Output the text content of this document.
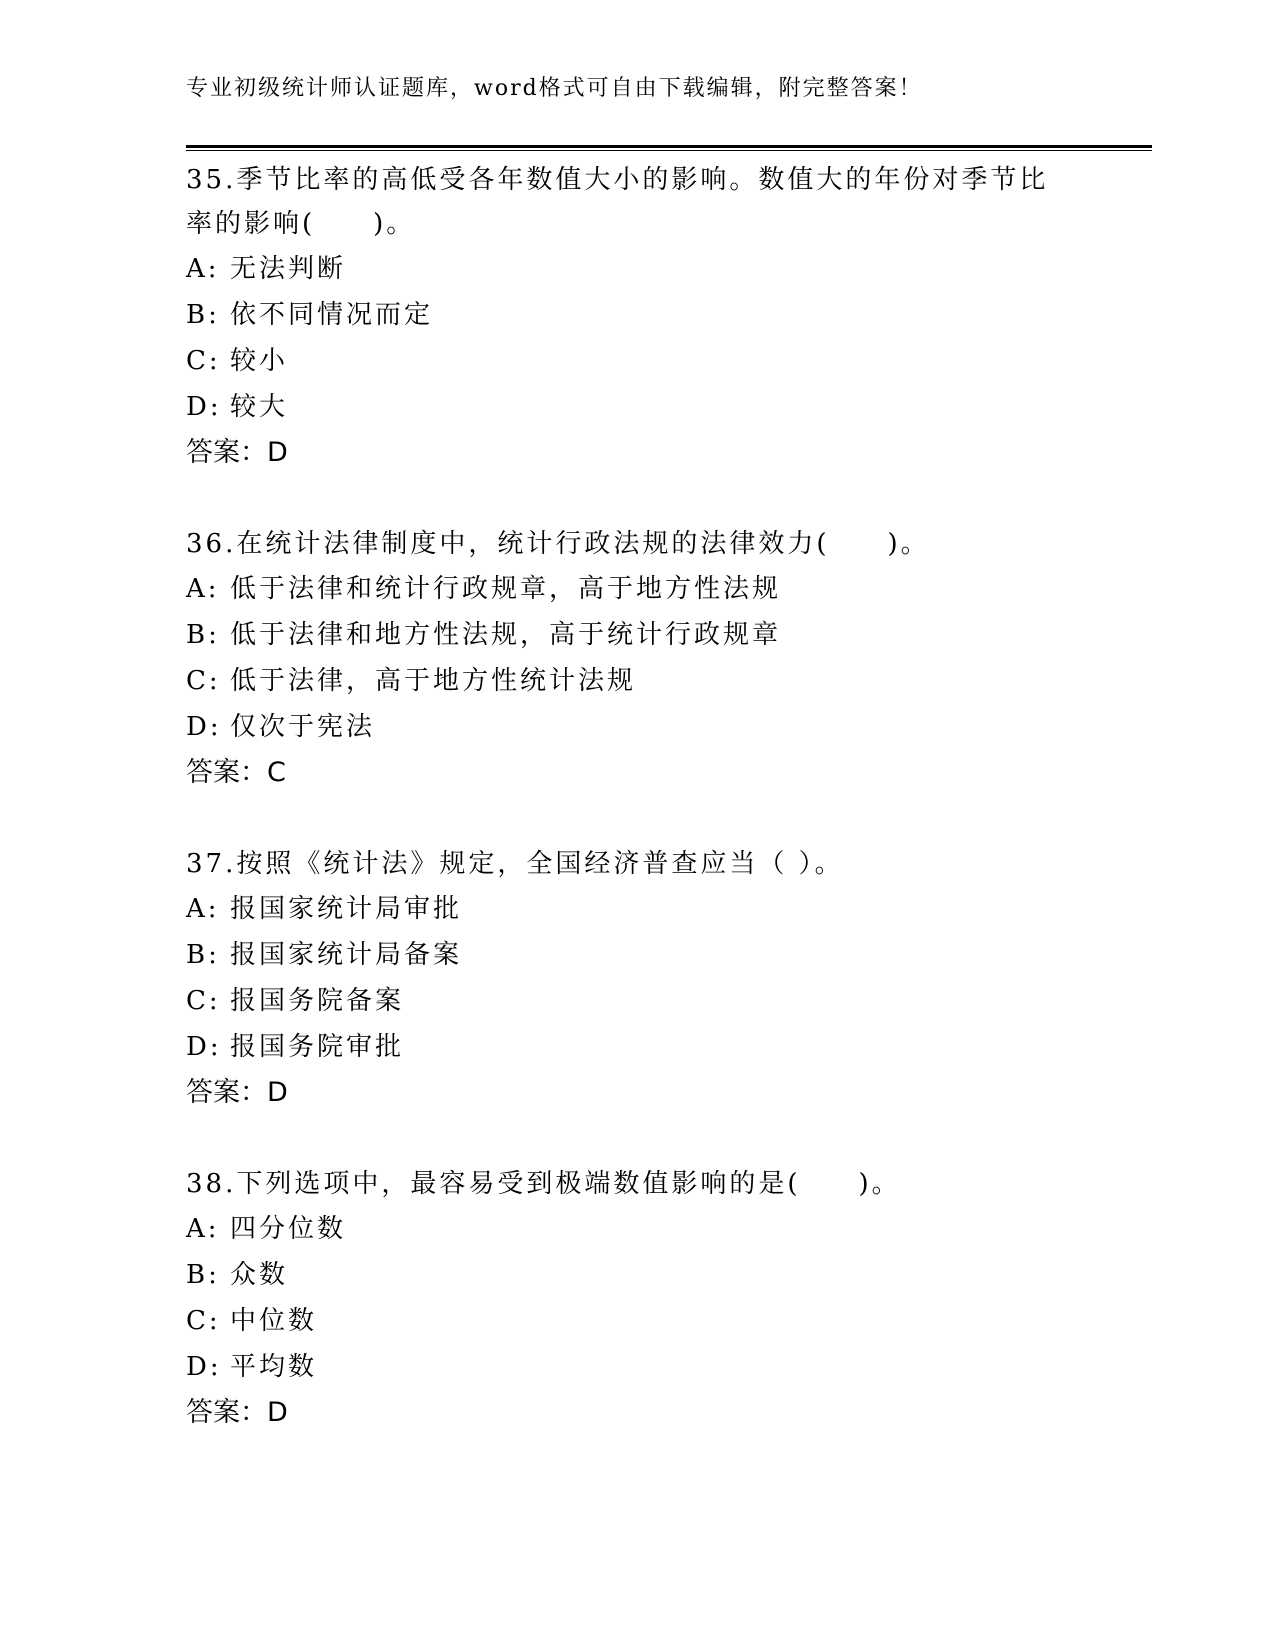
专业初级统计师认证题库，word格式可自由下载编辑，附完整答案！

35.季节比率的高低受各年数值大小的影响。数值大的年份对季节比率的影响(　　)。

A: 无法判断

B: 依不同情况而定

C: 较小

D: 较大

答案：D

36.在统计法律制度中，统计行政法规的法律效力(　　)。

A: 低于法律和统计行政规章，高于地方性法规

B: 低于法律和地方性法规，高于统计行政规章

C: 低于法律，高于地方性统计法规

D: 仅次于宪法

答案：C

37.按照《统计法》规定，全国经济普查应当（ ）。

A: 报国家统计局审批

B: 报国家统计局备案

C: 报国务院备案

D: 报国务院审批

答案：D

38.下列选项中，最容易受到极端数值影响的是(　　)。

A: 四分位数

B: 众数

C: 中位数

D: 平均数

答案：D
